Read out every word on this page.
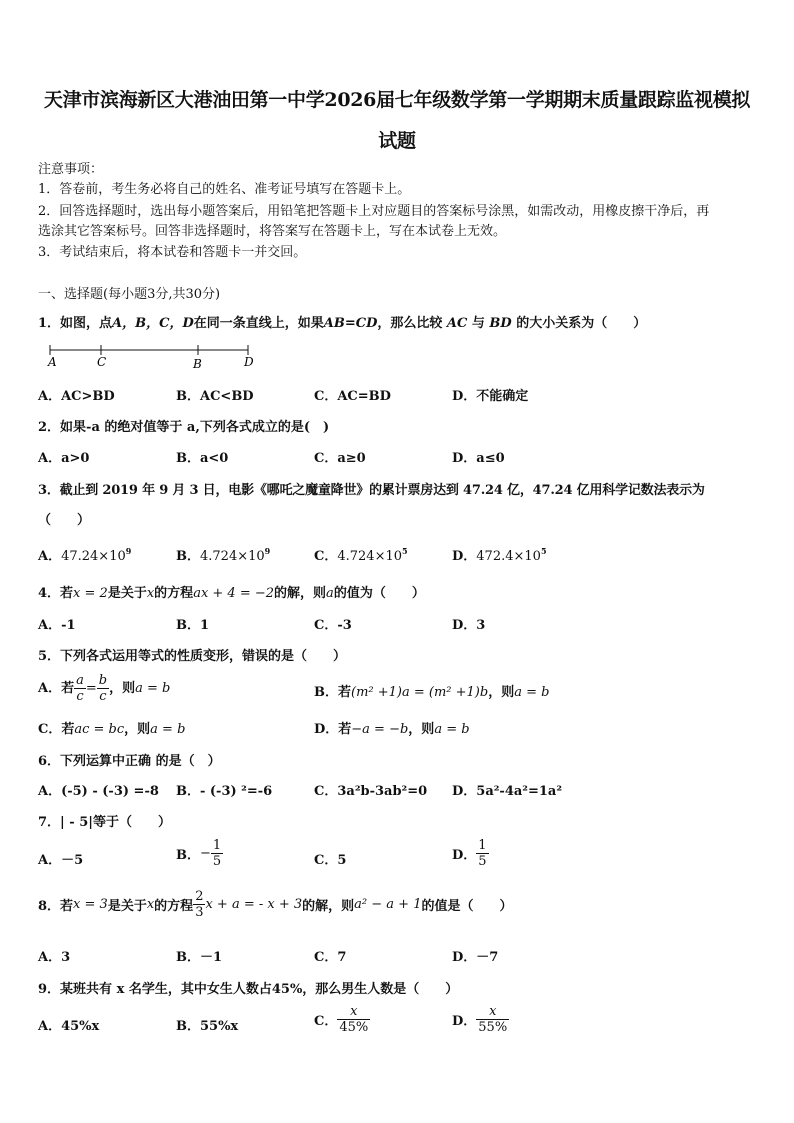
天津市滨海新区大港油田第一中学2026届七年级数学第一学期期末质量跟踪监视模拟
试题
注意事项：
1．答卷前，考生务必将自己的姓名、准考证号填写在答题卡上。
2．回答选择题时，选出每小题答案后，用铅笔把答题卡上对应题目的答案标号涂黑，如需改动，用橡皮擦干净后，再
选涂其它答案标号。回答非选择题时，将答案写在答题卡上，写在本试卷上无效。
3．考试结束后，将本试卷和答题卡一并交回。
一、选择题(每小题3分,共30分)
1．如图，点A，B，C，D在同一条直线上，如果AB=CD，那么比较 AC 与 BD 的大小关系为（　　）
A	C	B	D
A．AC>BD	B．AC<BD	C．AC=BD	D．不能确定
2．如果-a 的绝对值等于 a,下列各式成立的是(　)
A．a>0	B．a<0	C．a≥0	D．a≤0
3．截止到 2019 年 9 月 3 日，电影《哪吒之魔童降世》的累计票房达到 47.24 亿，47.24 亿用科学记数法表示为
（　　）
A．$47.24\times 10^9$	B．$4.724\times 10^9$	C．$4.724\times 10^5$	D．$472.4\times 10^5$
4．若x = 2是关于x的方程ax + 4 = −2的解，则a的值为（　　）
A．-1	B．1	C．-3	D．3
5．下列各式运用等式的性质变形，错误的是（　　）
A．若 $\frac{a}{c} = \frac{b}{c}$ ，则a = b	B．若(m² +1)a = (m² +1)b，则a = b
C．若ac = bc，则a = b	D．若−a = −b，则a = b
6．下列运算中正确 的是（　）
A．(-5) - (-3) =-8 B．- (-3) ²=-6	C．3a²b-3ab²=0 D．5a²-4a²=1a²
7．| - 5|等于（　　）
A．－5	B．− $\frac{1}{5}$	C．5	D． $\frac{1}{5}$
8．若x = 3是关于x的方程 $\frac{2}{3}$ x + a = - x + 3的解，则a² − a + 1的值是（　　）
A．3	B．－1	C．7	D．－7
9．某班共有 x 名学生，其中女生人数占45%，那么男生人数是（　　）
A．45%x	B．55%x	C． $\frac{x}{45\%}$	D． $\frac{x}{55\%}$
